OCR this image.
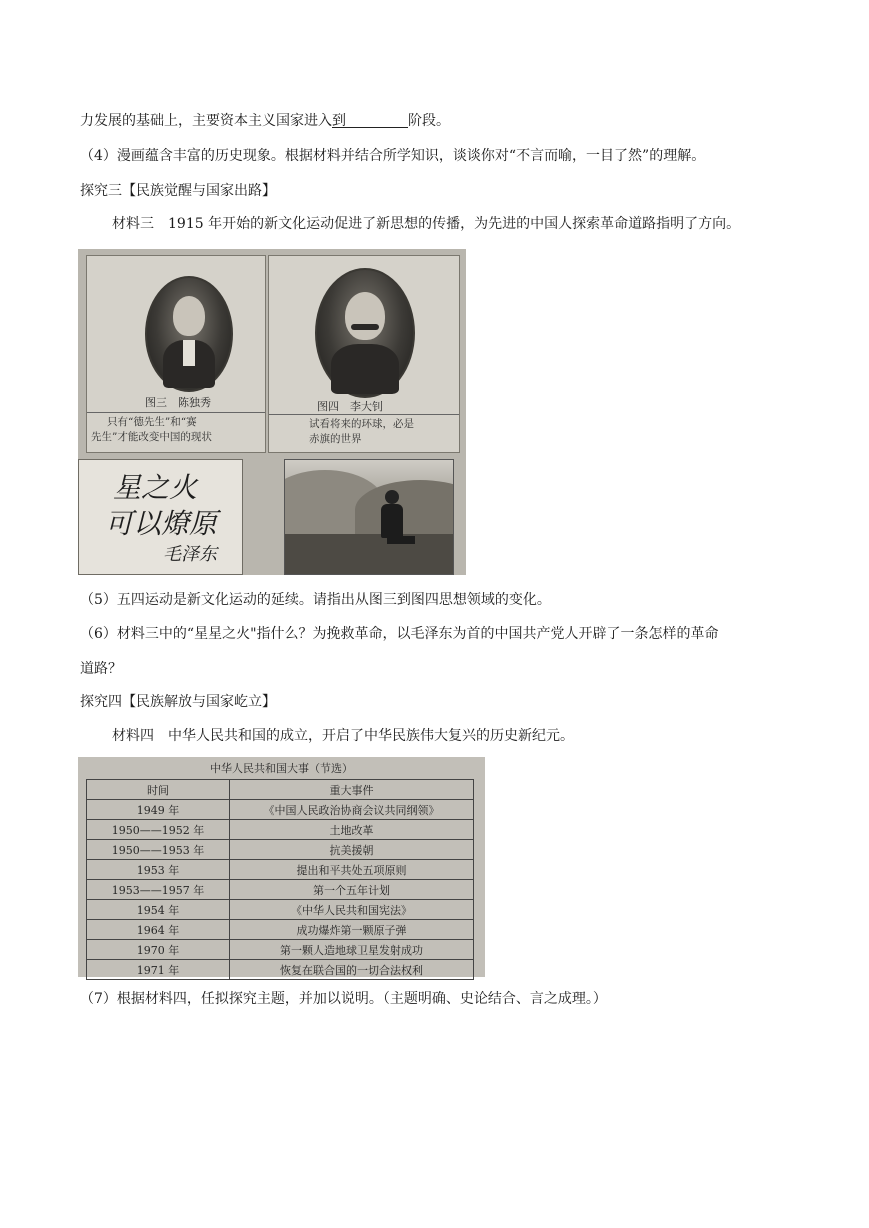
力发展的基础上，主要资本主义国家进入到	阶段。
（4）漫画蕴含丰富的历史现象。根据材料并结合所学知识，谈谈你对“不言而喻，一目了然”的理解。
探究三【民族觉醒与国家出路】
材料三　1915 年开始的新文化运动促进了新思想的传播，为先进的中国人探索革命道路指明了方向。
图三　陈独秀
只有“德先生”和“赛
先生”才能改变中国的现状
图四　李大钊
试看将来的环球，必是
赤旗的世界
星之火
可以燎原
毛泽东
（5）五四运动是新文化运动的延续。请指出从图三到图四思想领域的变化。
（6）材料三中的“星星之火"指什么？为挽救革命，以毛泽东为首的中国共产党人开辟了一条怎样的革命
道路？
探究四【民族解放与国家屹立】
材料四　中华人民共和国的成立，开启了中华民族伟大复兴的历史新纪元。
中华人民共和国大事（节选）
时间	重大事件
1949 年	《中国人民政治协商会议共同纲领》
1950——1952 年	土地改革
1950——1953 年	抗美援朝
1953 年	提出和平共处五项原则
1953——1957 年	第一个五年计划
1954 年	《中华人民共和国宪法》
1964 年	成功爆炸第一颗原子弹
1970 年	第一颗人造地球卫星发射成功
1971 年	恢复在联合国的一切合法权利
（7）根据材料四，任拟探究主题，并加以说明。（主题明确、史论结合、言之成理。）
